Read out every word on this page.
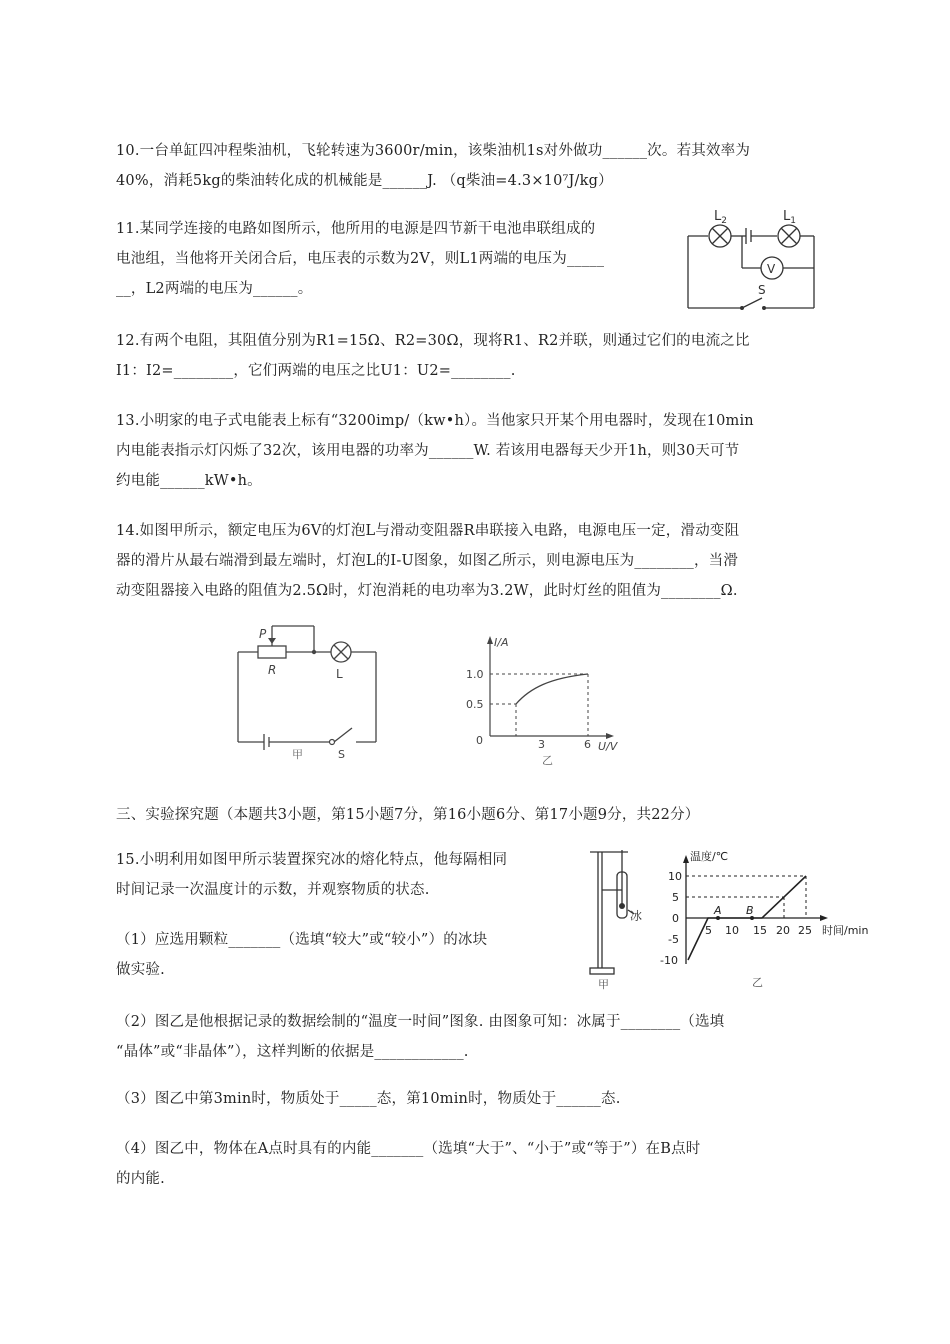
10.一台单缸四冲程柴油机，飞轮转速为3600r/min，该柴油机1s对外做功______次。若其效率为
40%，消耗5kg的柴油转化成的机械能是______J. （q柴油=4.3×10⁷J/kg）
11.某同学连接的电路如图所示，他所用的电源是四节新干电池串联组成的
电池组，当他将开关闭合后，电压表的示数为2V，则L1两端的电压为_____
__，L2两端的电压为______。
$L_2$	$L_1$
V
S
12.有两个电阻，其阻值分别为R1=15Ω、R2=30Ω，现将R1、R2并联，则通过它们的电流之比
I1：I2=________，它们两端的电压之比U1：U2=________.
13.小明家的电子式电能表上标有“3200imp/（kw•h）。当他家只开某个用电器时，发现在10min
内电能表指示灯闪烁了32次，该用电器的功率为______W. 若该用电器每天少开1h，则30天可节
约电能______kW•h。
14.如图甲所示，额定电压为6V的灯泡L与滑动变阻器R串联接入电路，电源电压一定，滑动变阻
器的滑片从最右端滑到最左端时，灯泡L的I-U图象，如图乙所示，则电源电压为________，当滑
动变阻器接入电路的阻值为2.5Ω时，灯泡消耗的电功率为3.2W，此时灯丝的阻值为________Ω.
P
R	L
S
甲
I/A
1.0
0.5
0	3	6 U/V
乙
三、实验探究题（本题共3小题，第15小题7分，第16小题6分、第17小题9分，共22分）
15.小明利用如图甲所示装置探究冰的熔化特点，他每隔相同
时间记录一次温度计的示数，并观察物质的状态.
（1）应选用颗粒_______（选填“较大”或“较小”）的冰块
做实验.
冰
甲
温度/℃
10
5
0
-5
-10
5 10 15 20 25 时间/min
A B
乙
（2）图乙是他根据记录的数据绘制的“温度一时间”图象. 由图象可知：冰属于________（选填
“晶体”或“非晶体”），这样判断的依据是____________.
（3）图乙中第3min时，物质处于_____态，第10min时，物质处于______态.
（4）图乙中，物体在A点时具有的内能_______（选填“大于”、“小于”或“等于”）在B点时
的内能.
